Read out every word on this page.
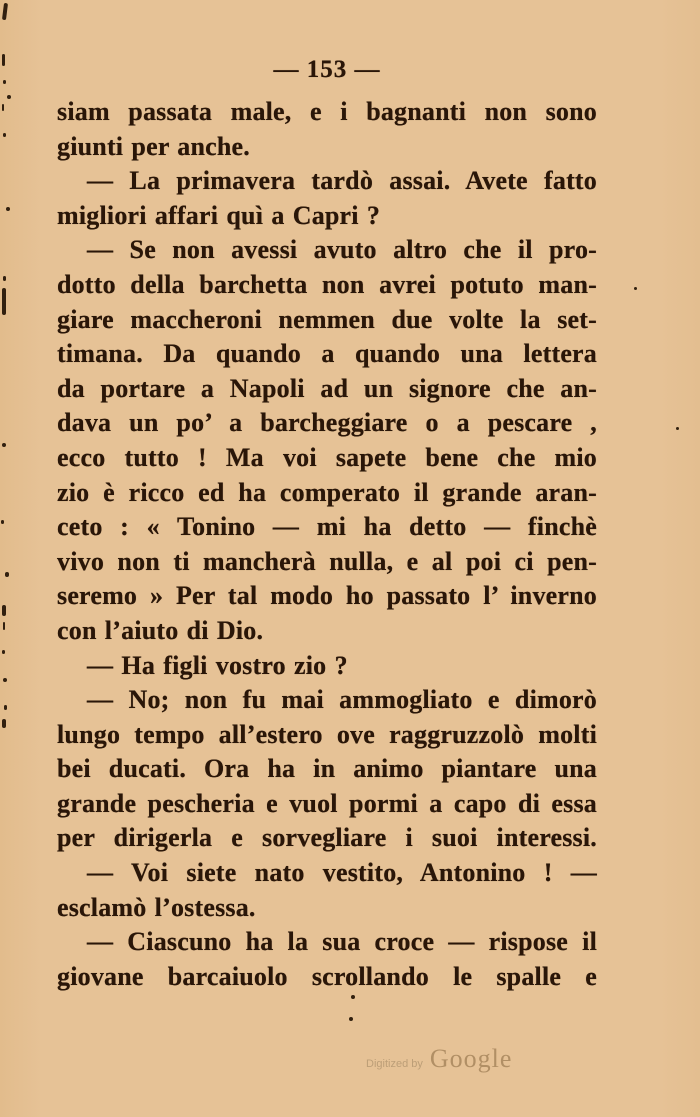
— 153 —
siam passata male, e i bagnanti non sono
giunti per anche.
— La primavera tardò assai. Avete fatto
migliori affari quì a Capri ?
— Se non avessi avuto altro che il pro-
dotto della barchetta non avrei potuto man-
giare maccheroni nemmen due volte la set-
timana. Da quando a quando una lettera
da portare a Napoli ad un signore che an-
dava un po’ a barcheggiare o a pescare ,
ecco tutto ! Ma voi sapete bene che mio
zio è ricco ed ha comperato il grande aran-
ceto : « Tonino — mi ha detto — finchè
vivo non ti mancherà nulla, e al poi ci pen-
seremo » Per tal modo ho passato l’ inverno
con l’aiuto di Dio.
— Ha figli vostro zio ?
— No; non fu mai ammogliato e dimorò
lungo tempo all’estero ove raggruzzolò molti
bei ducati. Ora ha in animo piantare una
grande pescheria e vuol pormi a capo di essa
per dirigerla e sorvegliare i suoi interessi.
— Voi siete nato vestito, Antonino ! —
esclamò l’ostessa.
— Ciascuno ha la sua croce — rispose il
giovane barcaiuolo scrollando le spalle e
Digitized by Google
